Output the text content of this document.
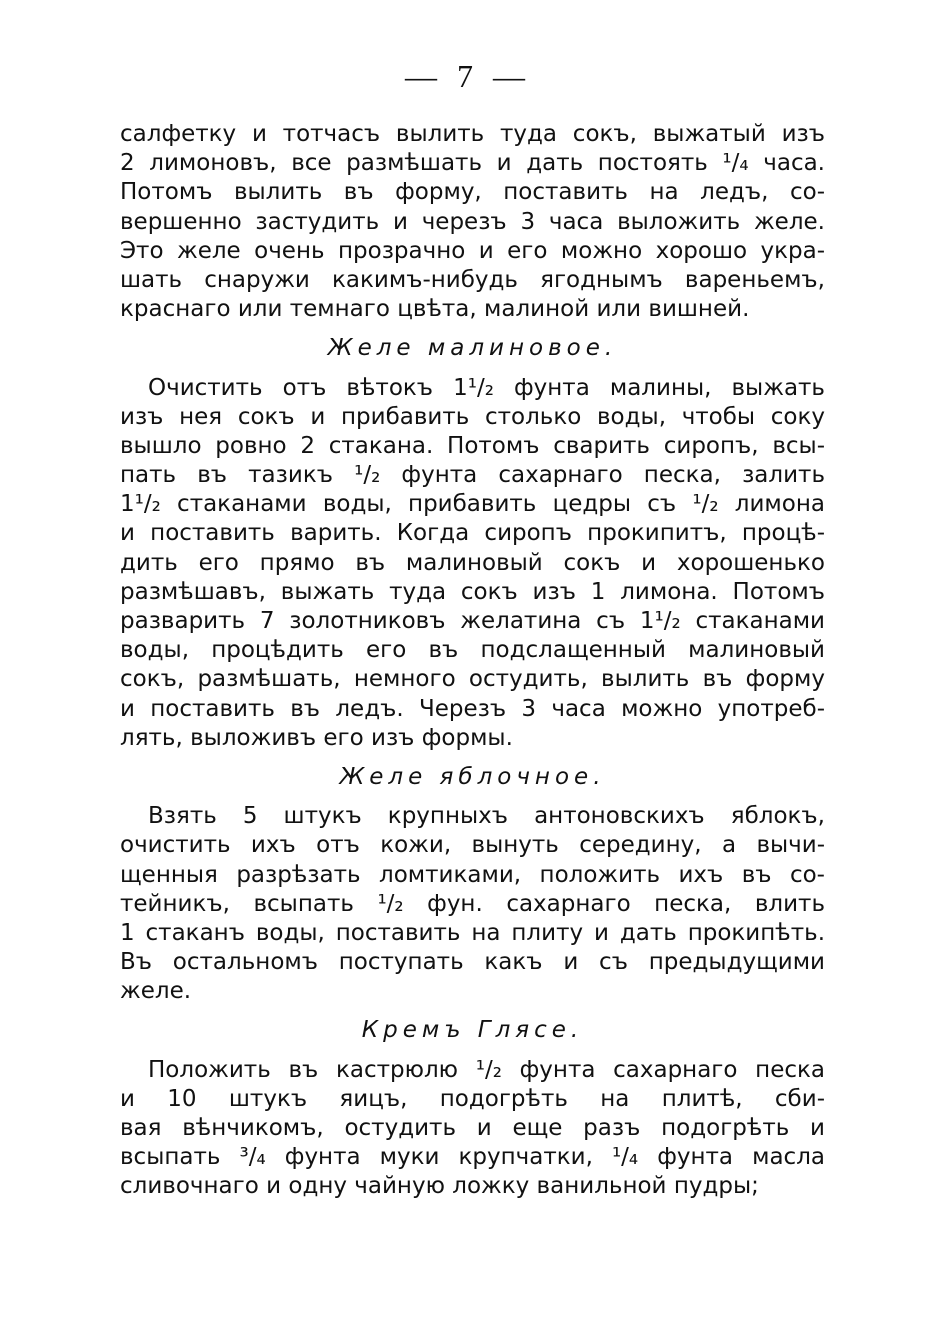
— 7 —
салфетку и тотчасъ вылить туда сокъ, выжатый изъ
2 лимоновъ, все размѣшать и дать постоять ¹/₄ часа.
Потомъ вылить въ форму, поставить на ледъ, со-
вершенно застудить и черезъ 3 часа выложить желе.
Это желе очень прозрачно и его можно хорошо укра-
шать снаружи какимъ-нибудь ягоднымъ вареньемъ,
краснаго или темнаго цвѣта, малиной или вишней.
Желе малиновое.
Очистить отъ вѣтокъ 1¹/₂ фунта малины, выжать
изъ нея сокъ и прибавить столько воды, чтобы соку
вышло ровно 2 стакана. Потомъ сварить сиропъ, всы-
пать въ тазикъ ¹/₂ фунта сахарнаго песка, залить
1¹/₂ стаканами воды, прибавить цедры съ ¹/₂ лимона
и поставить варить. Когда сиропъ прокипитъ, процѣ-
дить его прямо въ малиновый сокъ и хорошенько
размѣшавъ, выжать туда сокъ изъ 1 лимона. Потомъ
разварить 7 золотниковъ желатина съ 1¹/₂ стаканами
воды, процѣдить его въ подслащенный малиновый
сокъ, размѣшать, немного остудить, вылить въ форму
и поставить въ ледъ. Черезъ 3 часа можно употреб-
лять, выложивъ его изъ формы.
Желе яблочное.
Взять 5 штукъ крупныхъ антоновскихъ яблокъ,
очистить ихъ отъ кожи, вынуть середину, а вычи-
щенныя разрѣзать ломтиками, положить ихъ въ со-
тейникъ, всыпать ¹/₂ фун. сахарнаго песка, влить
1 стаканъ воды, поставить на плиту и дать прокипѣть.
Въ остальномъ поступать какъ и съ предыдущими
желе.
Кремъ Глясе.
Положить въ кастрюлю ¹/₂ фунта сахарнаго песка
и 10 штукъ яицъ, подогрѣть на плитѣ, сби-
вая вѣнчикомъ, остудить и еще разъ подогрѣть и
всыпать ³/₄ фунта муки крупчатки, ¹/₄ фунта масла
сливочнаго и одну чайную ложку ванильной пудры;
